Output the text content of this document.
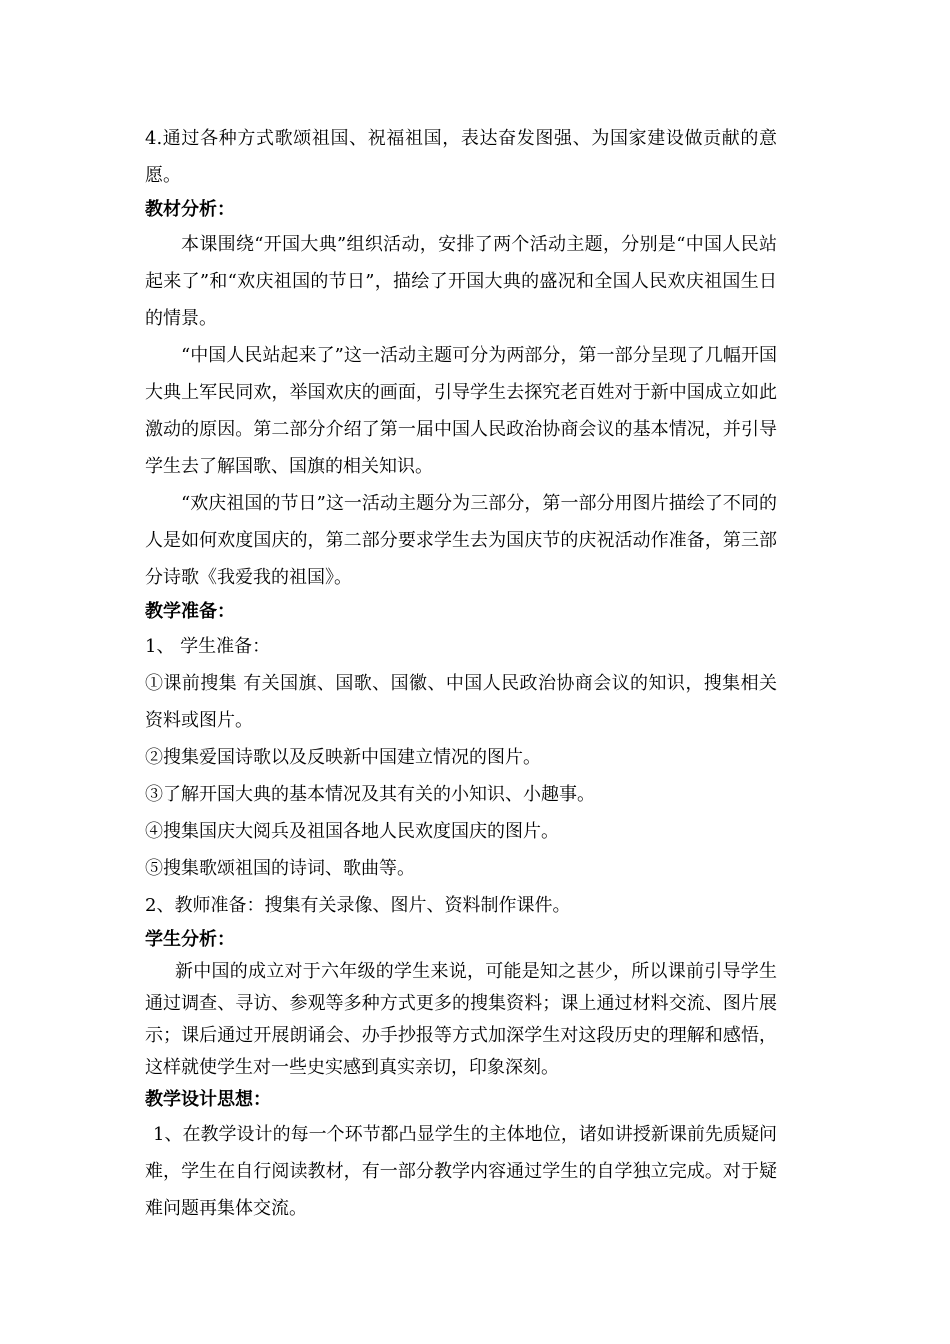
4.通过各种方式歌颂祖国、祝福祖国，表达奋发图强、为国家建设做贡献的意愿。

教材分析：

本课围绕“开国大典”组织活动，安排了两个活动主题，分别是“中国人民站起来了”和“欢庆祖国的节日”，描绘了开国大典的盛况和全国人民欢庆祖国生日的情景。

“中国人民站起来了”这一活动主题可分为两部分，第一部分呈现了几幅开国大典上军民同欢，举国欢庆的画面，引导学生去探究老百姓对于新中国成立如此激动的原因。第二部分介绍了第一届中国人民政治协商会议的基本情况，并引导学生去了解国歌、国旗的相关知识。

“欢庆祖国的节日”这一活动主题分为三部分，第一部分用图片描绘了不同的人是如何欢度国庆的，第二部分要求学生去为国庆节的庆祝活动作准备，第三部分诗歌《我爱我的祖国》。

教学准备：

1、 学生准备：

①课前搜集 有关国旗、国歌、国徽、中国人民政治协商会议的知识，搜集相关资料或图片。

②搜集爱国诗歌以及反映新中国建立情况的图片。

③了解开国大典的基本情况及其有关的小知识、小趣事。

④搜集国庆大阅兵及祖国各地人民欢度国庆的图片。

⑤搜集歌颂祖国的诗词、歌曲等。

2、教师准备：搜集有关录像、图片、资料制作课件。

学生分析：

新中国的成立对于六年级的学生来说，可能是知之甚少，所以课前引导学生通过调查、寻访、参观等多种方式更多的搜集资料；课上通过材料交流、图片展示；课后通过开展朗诵会、办手抄报等方式加深学生对这段历史的理解和感悟，这样就使学生对一些史实感到真实亲切，印象深刻。

教学设计思想：

1、在教学设计的每一个环节都凸显学生的主体地位，诸如讲授新课前先质疑问难，学生在自行阅读教材，有一部分教学内容通过学生的自学独立完成。对于疑难问题再集体交流。
